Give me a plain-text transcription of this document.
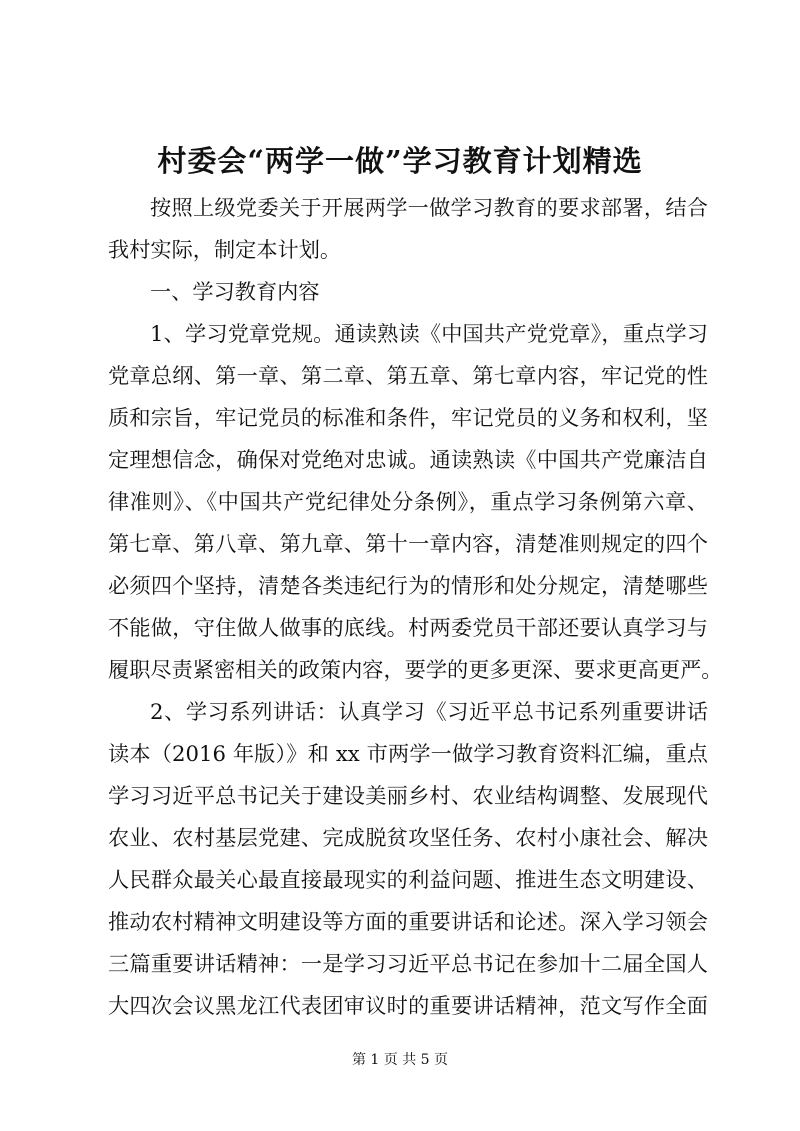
村委会“两学一做”学习教育计划精选
按照上级党委关于开展两学一做学习教育的要求部署，结合
我村实际，制定本计划。
一、学习教育内容
1、学习党章党规。通读熟读《中国共产党党章》，重点学习
党章总纲、第一章、第二章、第五章、第七章内容，牢记党的性
质和宗旨，牢记党员的标准和条件，牢记党员的义务和权利，坚
定理想信念，确保对党绝对忠诚。通读熟读《中国共产党廉洁自
律准则》、《中国共产党纪律处分条例》，重点学习条例第六章、
第七章、第八章、第九章、第十一章内容，清楚准则规定的四个
必须四个坚持，清楚各类违纪行为的情形和处分规定，清楚哪些
不能做，守住做人做事的底线。村两委党员干部还要认真学习与
履职尽责紧密相关的政策内容，要学的更多更深、要求更高更严。
2、学习系列讲话：认真学习《习近平总书记系列重要讲话
读本（2016 年版）》和 xx 市两学一做学习教育资料汇编，重点
学习习近平总书记关于建设美丽乡村、农业结构调整、发展现代
农业、农村基层党建、完成脱贫攻坚任务、农村小康社会、解决
人民群众最关心最直接最现实的利益问题、推进生态文明建设、
推动农村精神文明建设等方面的重要讲话和论述。深入学习领会
三篇重要讲话精神：一是学习习近平总书记在参加十二届全国人
大四次会议黑龙江代表团审议时的重要讲话精神，范文写作全面
第 1 页 共 5 页
